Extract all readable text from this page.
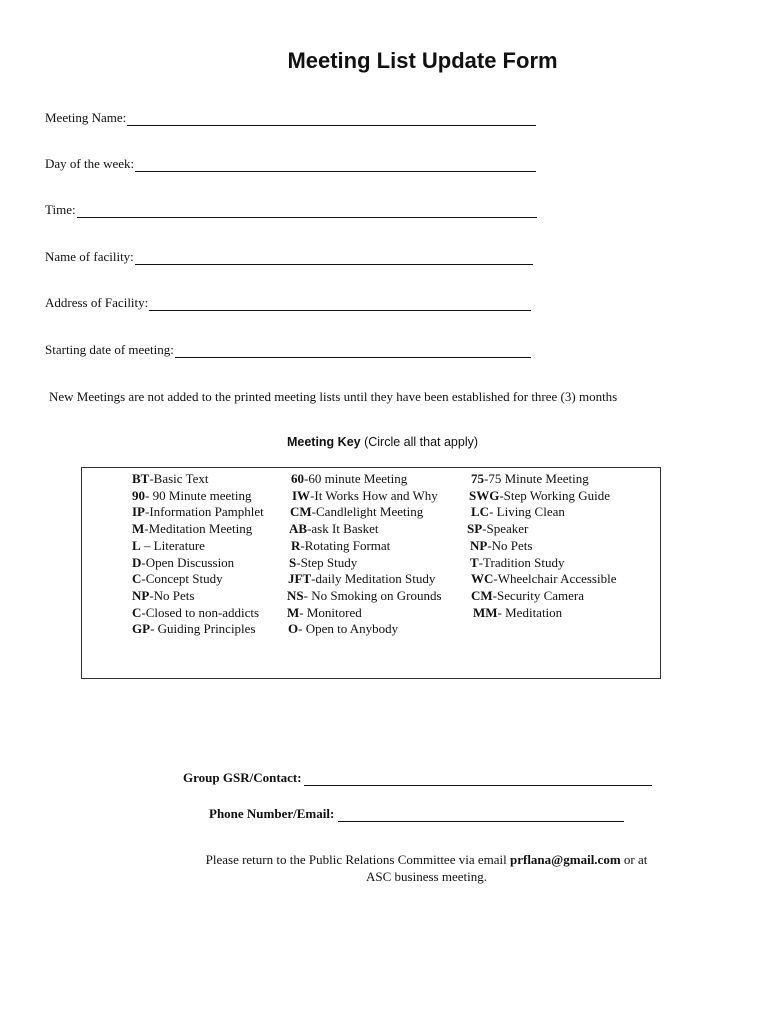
Meeting List Update Form
Meeting Name:
Day of the week:
Time:
Name of facility:
Address of Facility:
Starting date of meeting:
New Meetings are not added to the printed meeting lists until they have been established for three (3) months
Meeting Key (Circle all that apply)
BT-Basic Text
90- 90 Minute meeting
IP-Information Pamphlet
M-Meditation Meeting
L – Literature
D-Open Discussion
C-Concept Study
NP-No Pets
C-Closed to non-addicts
GP- Guiding Principles
60-60 minute Meeting
IW-It Works How and Why
CM-Candlelight Meeting
AB-ask It Basket
R-Rotating Format
S-Step Study
JFT-daily Meditation Study
NS- No Smoking on Grounds
M- Monitored
O- Open to Anybody
75-75 Minute Meeting
SWG-Step Working Guide
LC- Living Clean
SP-Speaker
NP-No Pets
T-Tradition Study
WC-Wheelchair Accessible
CM-Security Camera
MM- Meditation
Group GSR/Contact:
Phone Number/Email:
Please return to the Public Relations Committee via email prflana@gmail.com or at
ASC business meeting.
